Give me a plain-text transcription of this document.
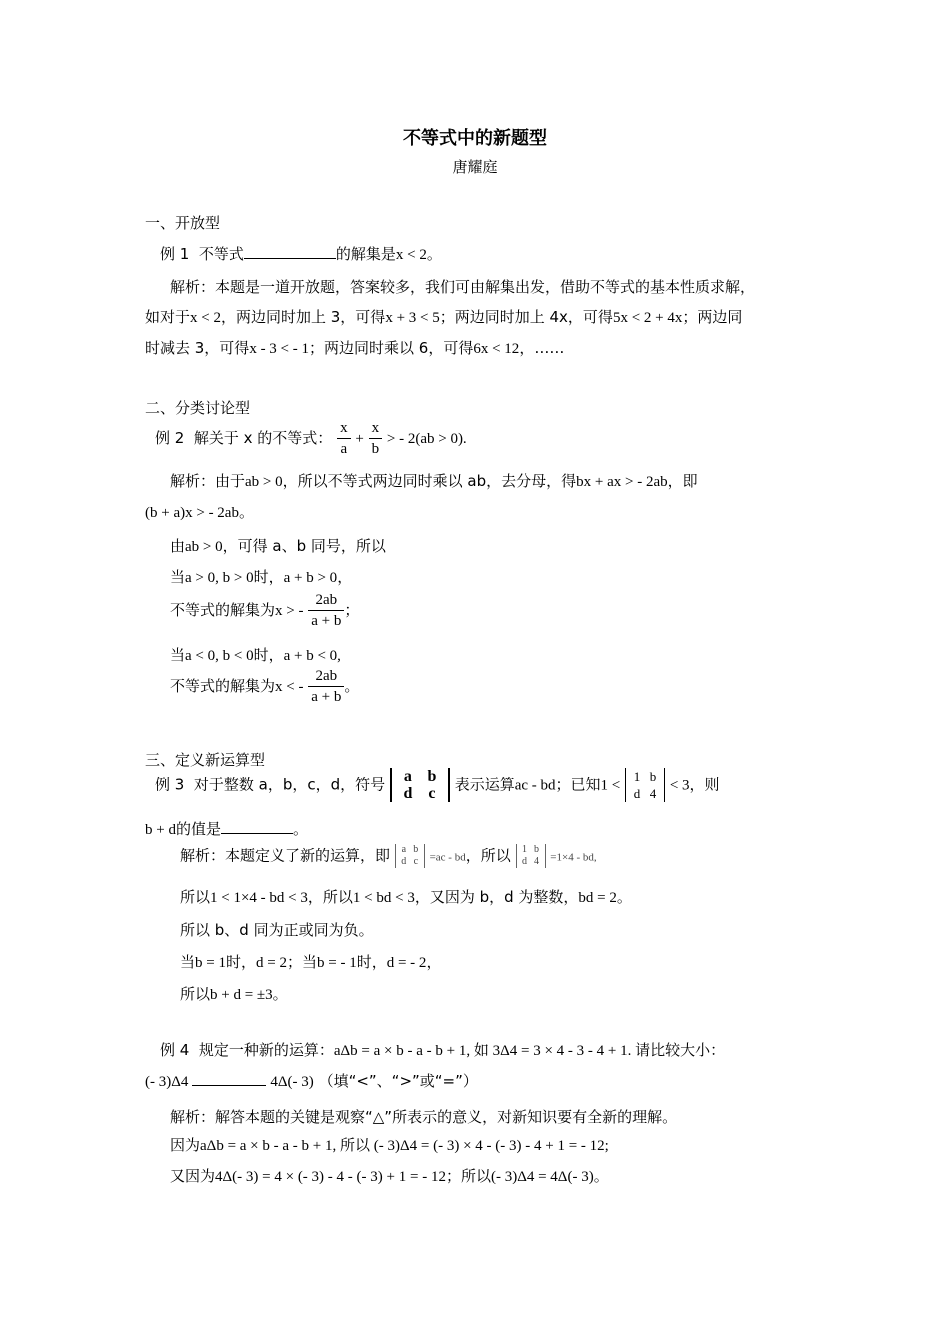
不等式中的新题型
唐耀庭
一、开放型
例 1 不等式	的解集是x < 2。
解析：本题是一道开放题，答案较多，我们可由解集出发，借助不等式的基本性质求解，
如对于x < 2，两边同时加上 3，可得x + 3 < 5；两边同时加上 4x，可得5x < 2 + 4x；两边同
时减去 3，可得x - 3 < - 1；两边同时乘以 6，可得6x < 12，……
二、分类讨论型
例 2 解关于 x 的不等式： $\frac{x}{a} + \frac{x}{b}$ > - 2(ab > 0).
解析：由于ab > 0，所以不等式两边同时乘以 ab，去分母，得bx + ax > - 2ab，即
(b + a)x > - 2ab。
由ab > 0，可得 a、b 同号，所以
当a > 0, b > 0时，a + b > 0，
不等式的解集为x > - $\frac{2ab}{a + b}$ ；
当a < 0, b < 0时，a + b < 0,
不等式的解集为x < - $\frac{2ab}{a + b}$ 。
三、定义新运算型
例 3 对于整数 a，b，c，d，符号 a b
d c 表示运算ac - bd；已知1 < 1 b
d 4 < 3，则
b + d的值是	。
解析：本题定义了新的运算，即 a b
d c =ac - bd，所以 1 b
d 4 =1×4 - bd,
所以1 < 1×4 - bd < 3，所以1 < bd < 3，又因为 b，d 为整数，bd = 2。
所以 b、d 同为正或同为负。
当b = 1时，d = 2；当b = - 1时，d = - 2，
所以b + d = ±3。
例 4 规定一种新的运算：aΔb = a × b - a - b + 1, 如 3Δ4 = 3 × 4 - 3 - 4 + 1. 请比较大小：
(- 3)Δ4	4Δ(- 3) （填“<”、“>”或“=”）
解析：解答本题的关键是观察“△”所表示的意义，对新知识要有全新的理解。
因为aΔb = a × b - a - b + 1, 所以 (- 3)Δ4 = (- 3) × 4 - (- 3) - 4 + 1 = - 12;
又因为4Δ(- 3) = 4 × (- 3) - 4 - (- 3) + 1 = - 12；所以(- 3)Δ4 = 4Δ(- 3)。
